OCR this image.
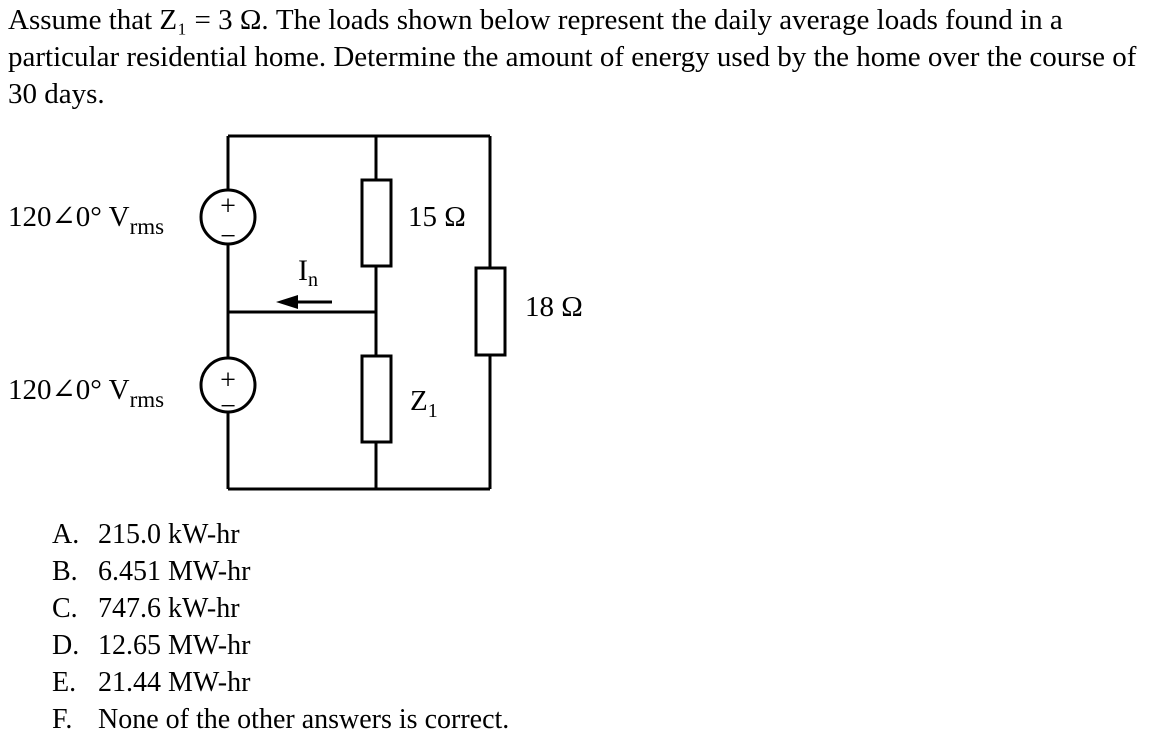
Assume that Z₁ = 3 Ω. The loads shown below represent the daily average loads found in a particular residential home. Determine the amount of energy used by the home over the course of 30 days.

+
−
+
−
120∠0° $V_{rms}$
120∠0° $V_{rms}$
$I_n$
15 Ω
18 Ω
$Z_1$
A. 215.0 kW-hr
B. 6.451 MW-hr
C. 747.6 kW-hr
D. 12.65 MW-hr
E. 21.44 MW-hr
F. None of the other answers is correct.
